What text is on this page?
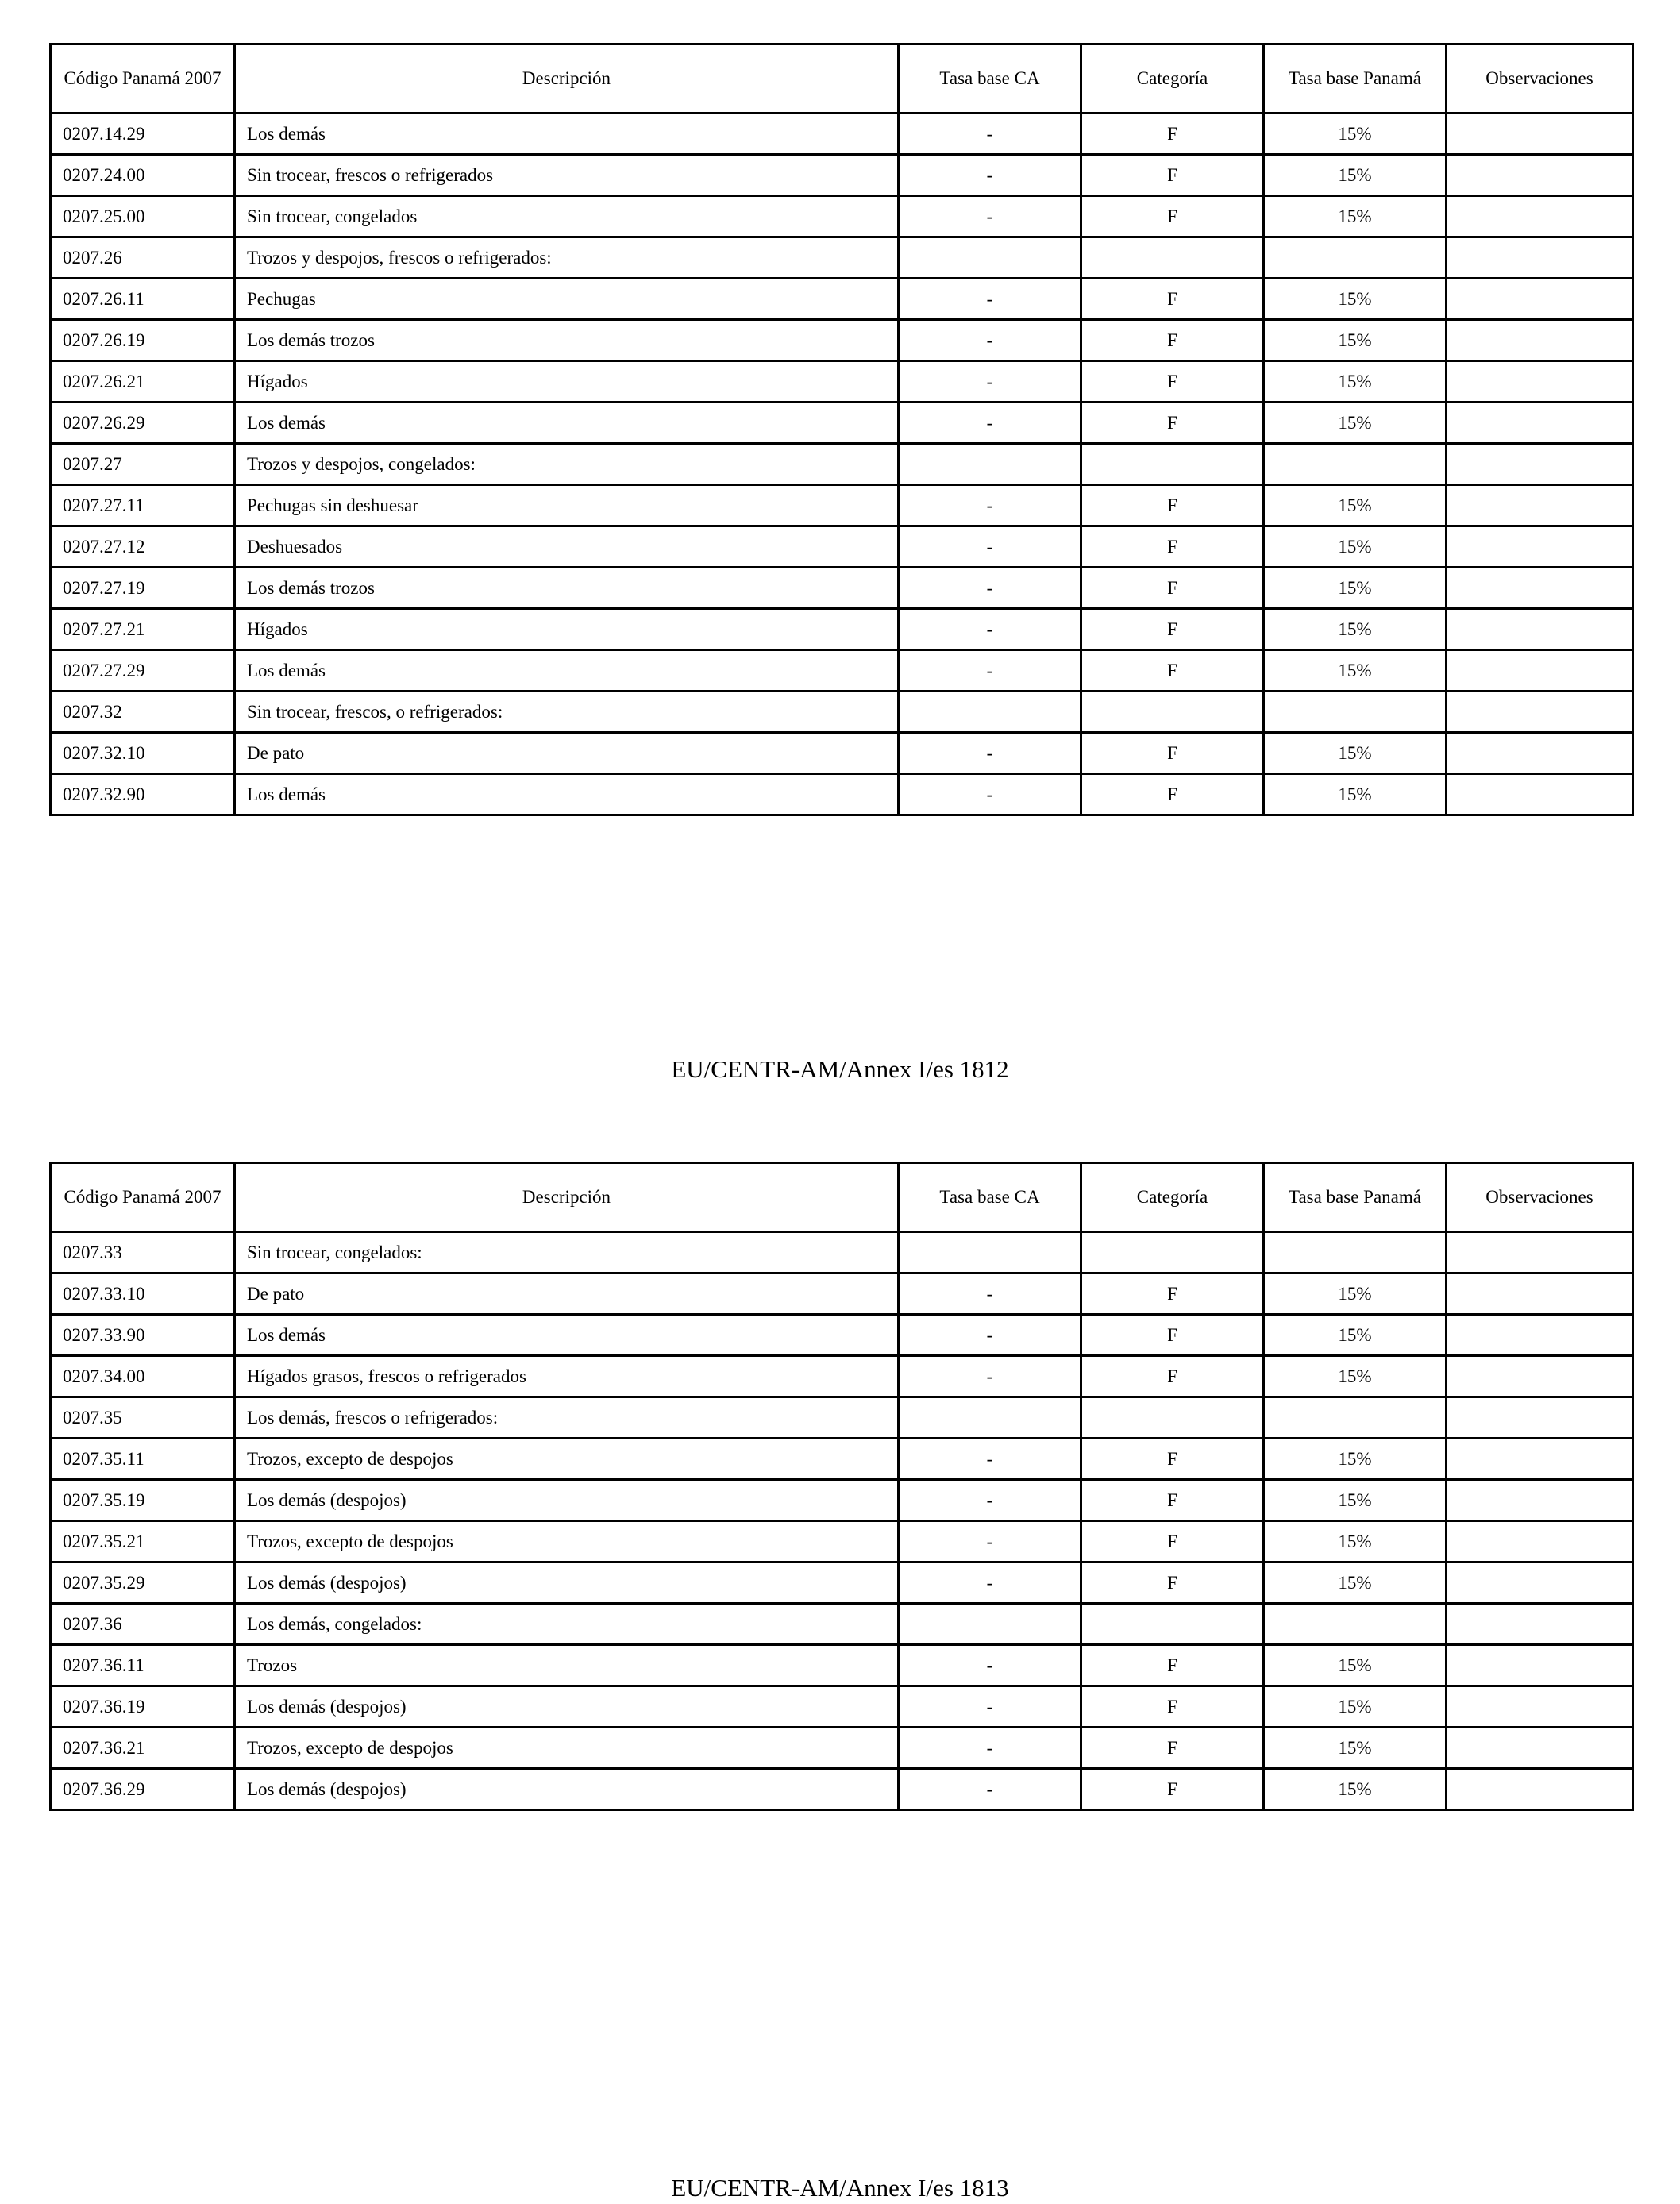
Código Panamá 2007	Descripción	Tasa base CA	Categoría	Tasa base Panamá	Observaciones
0207.14.29	Los demás	-	F	15%	
0207.24.00	Sin trocear, frescos o refrigerados	-	F	15%	
0207.25.00	Sin trocear, congelados	-	F	15%	
0207.26	Trozos y despojos, frescos o refrigerados:				
0207.26.11	Pechugas	-	F	15%	
0207.26.19	Los demás trozos	-	F	15%	
0207.26.21	Hígados	-	F	15%	
0207.26.29	Los demás	-	F	15%	
0207.27	Trozos y despojos, congelados:				
0207.27.11	Pechugas sin deshuesar	-	F	15%	
0207.27.12	Deshuesados	-	F	15%	
0207.27.19	Los demás trozos	-	F	15%	
0207.27.21	Hígados	-	F	15%	
0207.27.29	Los demás	-	F	15%	
0207.32	Sin trocear, frescos, o refrigerados:				
0207.32.10	De pato	-	F	15%	
0207.32.90	Los demás	-	F	15%	
EU/CENTR-AM/Annex I/es 1812
Código Panamá 2007	Descripción	Tasa base CA	Categoría	Tasa base Panamá	Observaciones
0207.33	Sin trocear, congelados:				
0207.33.10	De pato	-	F	15%	
0207.33.90	Los demás	-	F	15%	
0207.34.00	Hígados grasos, frescos o refrigerados	-	F	15%	
0207.35	Los demás, frescos o refrigerados:				
0207.35.11	Trozos, excepto de despojos	-	F	15%	
0207.35.19	Los demás (despojos)	-	F	15%	
0207.35.21	Trozos, excepto de despojos	-	F	15%	
0207.35.29	Los demás (despojos)	-	F	15%	
0207.36	Los demás, congelados:				
0207.36.11	Trozos	-	F	15%	
0207.36.19	Los demás (despojos)	-	F	15%	
0207.36.21	Trozos, excepto de despojos	-	F	15%	
0207.36.29	Los demás (despojos)	-	F	15%	
EU/CENTR-AM/Annex I/es 1813
